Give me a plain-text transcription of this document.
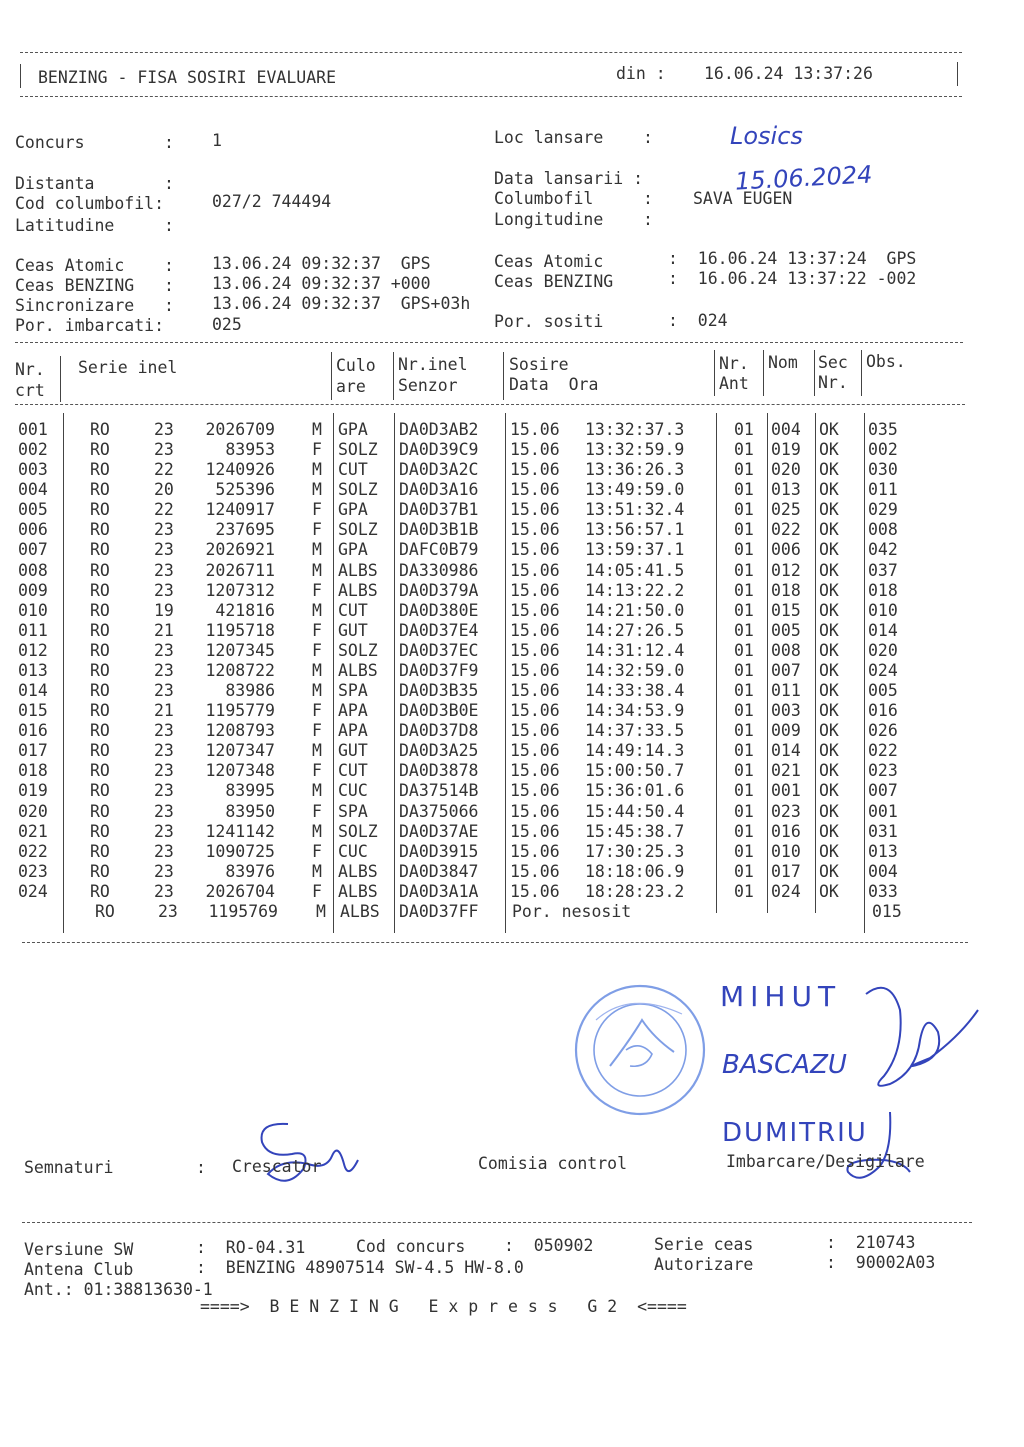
BENZING - FISA SOSIRI EVALUARE	din : 16.06.24 13:37:26
Concurs        : 1
Distanta       :
Cod columbofil:	027/2 744494
Latitudine     :
Loc lansare    :	Losics
Data lansarii :	15.06.2024
Columbofil     : SAVA EUGEN
Longitudine    :
Ceas Atomic    : 13.06.24 09:32:37  GPS
Ceas BENZING   : 13.06.24 09:32:37 +000
Sincronizare   : 13.06.24 09:32:37  GPS+03h
Por. imbarcati:	025
Ceas Atomic	:  16.06.24 13:37:24  GPS
Ceas BENZING	:  16.06.24 13:37:22 -002
Por. sositi	:  024
Nr.
crt
Serie inel	Culo
are
Nr.inel
Senzor
Sosire
Data  Ora
Nr.
Ant
Nom Sec
Nr.
Obs.
001	RO	23 2026709 M GPA DA0D3AB2 15.06 13:32:37.3	01 004 OK 035
002	RO	23	83953 F SOLZ DA0D39C9 15.06 13:32:59.9	01 019 OK 002
003	RO	22 1240926 M CUT DA0D3A2C 15.06 13:36:26.3	01 020 OK 030
004	RO	20	525396 M SOLZ DA0D3A16 15.06 13:49:59.0	01 013 OK 011
005	RO	22 1240917 F GPA DA0D37B1 15.06 13:51:32.4	01 025 OK 029
006	RO	23	237695 F SOLZ DA0D3B1B 15.06 13:56:57.1	01 022 OK 008
007	RO	23 2026921 M GPA DAFC0B79 15.06 13:59:37.1	01 006 OK 042
008	RO	23 2026711 M ALBS DA330986 15.06 14:05:41.5	01 012 OK 037
009	RO	23 1207312 F ALBS DA0D379A 15.06 14:13:22.2	01 018 OK 018
010	RO	19	421816 M CUT DA0D380E 15.06 14:21:50.0	01 015 OK 010
011	RO	21 1195718 F GUT DA0D37E4 15.06 14:27:26.5	01 005 OK 014
012	RO	23 1207345 F SOLZ DA0D37EC 15.06 14:31:12.4	01 008 OK 020
013	RO	23 1208722 M ALBS DA0D37F9 15.06 14:32:59.0	01 007 OK 024
014	RO	23	83986 M SPA DA0D3B35 15.06 14:33:38.4	01 011 OK 005
015	RO	21 1195779 F APA DA0D3B0E 15.06 14:34:53.9	01 003 OK 016
016	RO	23 1208793 F APA DA0D37D8 15.06 14:37:33.5	01 009 OK 026
017	RO	23 1207347 M GUT DA0D3A25 15.06 14:49:14.3	01 014 OK 022
018	RO	23 1207348 F CUT DA0D3878 15.06 15:00:50.7	01 021 OK 023
019	RO	23	83995 M CUC DA37514B 15.06 15:36:01.6	01 001 OK 007
020	RO	23	83950 F SPA DA375066 15.06 15:44:50.4	01 023 OK 001
021	RO	23 1241142 M SOLZ DA0D37AE 15.06 15:45:38.7	01 016 OK 031
022	RO	23 1090725 F CUC DA0D3915 15.06 17:30:25.3	01 010 OK 013
023	RO	23	83976 M ALBS DA0D3847 15.06 18:18:06.9	01 017 OK 004
024	RO	23 2026704 F ALBS DA0D3A1A 15.06 18:28:23.2	01 024 OK 033
RO	23 1195769 M ALBS DA0D37FF Por. nesosit	015
MIHUT
BASCAZU
DUMITRIU
Semnaturi	: Crescator	Comisia control	Imbarcare/Desigilare
Versiune SW	:  RO-04.31	Cod concurs :  050902	Serie ceas	:  210743
Antena Club	:  BENZING 48907514 SW-4.5 HW-8.0	Autorizare	:  90002A03
Ant.: 01:38813630-1
====>  B E N Z I N G   E x p r e s s   G 2  <====
